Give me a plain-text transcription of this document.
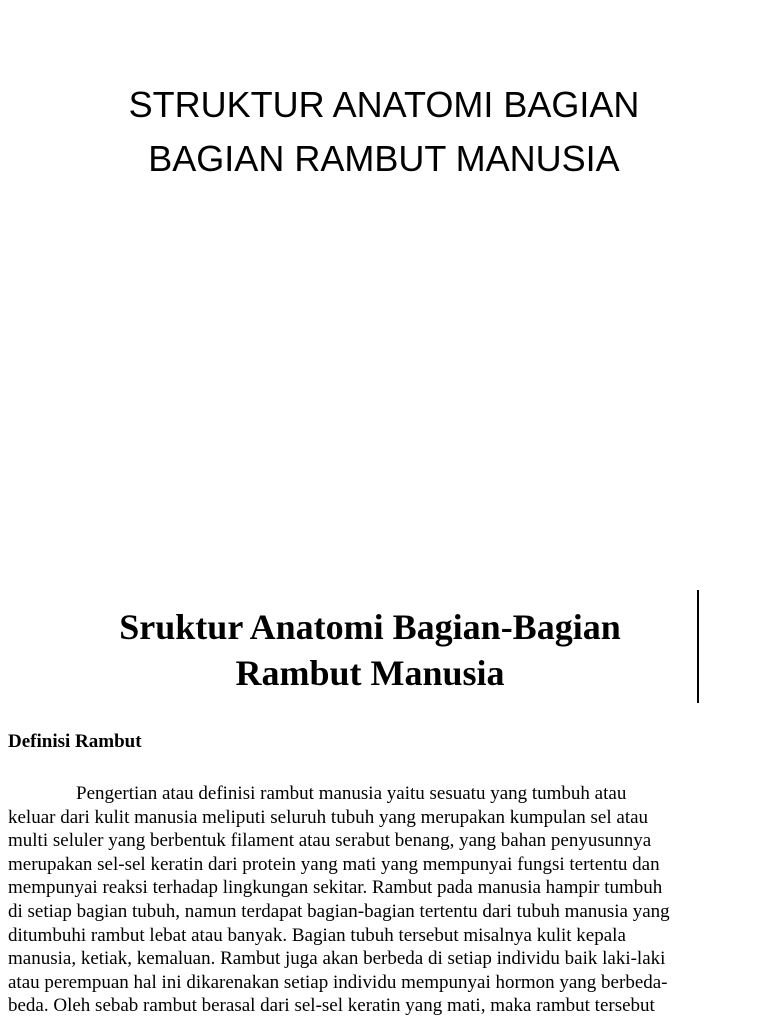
STRUKTUR ANATOMI BAGIAN
BAGIAN RAMBUT MANUSIA
Sruktur Anatomi Bagian-Bagian
Rambut Manusia
Definisi Rambut

Pengertian atau definisi rambut manusia yaitu sesuatu yang tumbuh atau
keluar dari kulit manusia meliputi seluruh tubuh yang merupakan kumpulan sel atau
multi seluler yang berbentuk filament atau serabut benang, yang bahan penyusunnya
merupakan sel-sel keratin dari protein yang mati yang mempunyai fungsi tertentu dan
mempunyai reaksi terhadap lingkungan sekitar. Rambut pada manusia hampir tumbuh
di setiap bagian tubuh, namun terdapat bagian-bagian tertentu dari tubuh manusia yang
ditumbuhi rambut lebat atau banyak. Bagian tubuh tersebut misalnya kulit kepala
manusia, ketiak, kemaluan. Rambut juga akan berbeda di setiap individu baik laki-laki
atau perempuan hal ini dikarenakan setiap individu mempunyai hormon yang berbeda-
beda. Oleh sebab rambut berasal dari sel-sel keratin yang mati, maka rambut tersebut
